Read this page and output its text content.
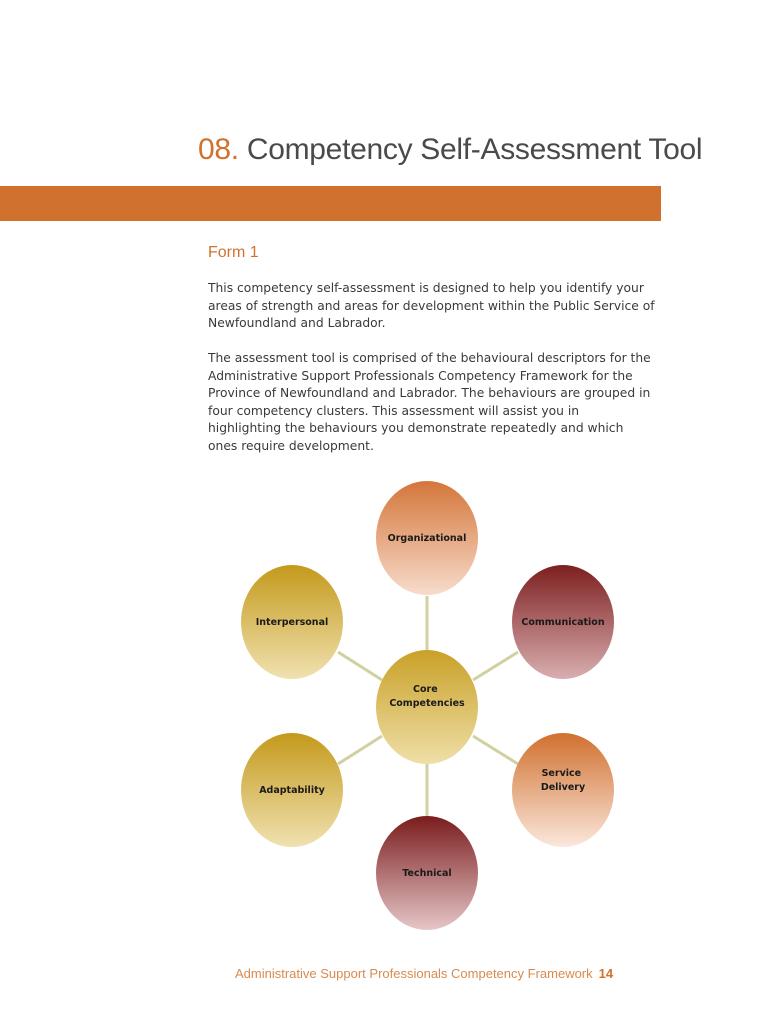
08. Competency Self-Assessment Tool
Form 1

This competency self-assessment is designed to help you identify your areas of strength and areas for development within the Public Service of Newfoundland and Labrador.

The assessment tool is comprised of the behavioural descriptors for the Administrative Support Professionals Competency Framework for the Province of Newfoundland and Labrador. The behaviours are grouped in four competency clusters. This assessment will assist you in highlighting the behaviours you demonstrate repeatedly and which ones require development.

Organizational
Communication
Interpersonal
Core Competencies
Adaptability
Service Delivery
Technical
Administrative Support Professionals Competency Framework 14
